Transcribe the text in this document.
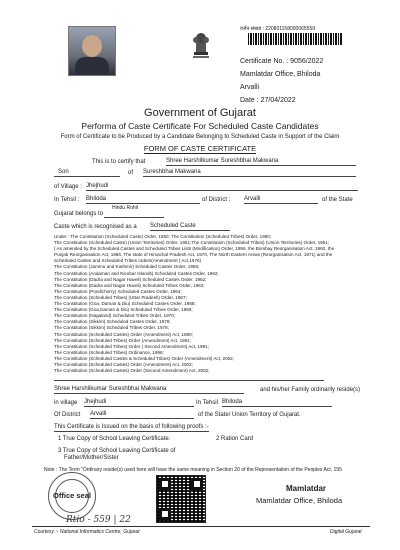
वर्जन संख्या : 220801158000065559
Certificate No. : 9056/2022
Mamlatdar Office, Bhiloda
Arvalli
Date : 27/04/2022
Government of Gujarat
Performa of Caste Certificate For Scheduled Caste Candidates
Form of Certificate to be Produced by a Candidate Belonging to Scheduled Caste in Support of the Claim
FORM OF CASTE CERTIFICATE
This is to certify that	Shree Harshilkumar Sureshbhai Makwana
Son	of Sureshbhai Makwana
of Village : Jhejhudi
In Tehsil : Bhiloda	of District : Arvalli	of the State
Hindu Rohit
Gujarat belongs to
Caste which is recognised as a Scheduled Caste
Under : The Constitution (Scheduled Caste) Order, 1950; The Constitution (Scheduled Tribes) Order, 1950;
The Constitution (Scheduled Caste) (Union Territories) Order, 1951;The Constitution (Scheduled Tribes) (Union Territories) Order, 1951;
( As amended by the Scheduled Castes and Scheduled Tribes Lists (Modification) Order, 1956, the Bombay Reorganisation Act, 1960, the
Punjab Reorganisation Act, 1966, The state of Himachal Pradesh Act, 1970, The North Eastern Areas (Reorganisation Act, 1971) and the
Scheduled Castes and Scheduled Tribes orders(Amendment ) Act,1976)
The Constitution (Jammu and Kashmir) Scheduled Castes Order, 1956;
The Constitution (Andaman and Nicobar Islands) Scheduled Castes Order, 1962;
The Constitution (Dadra and Nagar Haveli) Scheduled Castes Order, 1962;
The Constitution (Dadra and Nagar Haveli) Scheduled Tribes Order, 1962;
The Constitution (Pondicherry) Scheduled Castes Order, 1964;
The Constitution (Scheduled Tribes) (Uttar Pradesh) Order, 1967;
The Constitution (Goa, Daman & Diu) Scheduled Castes Order, 1968;
The Constitution (Goa,Daman & Diu) Scheduled Tribes Order, 1968;
The Constitution (Nagaland) Scheduled Tribes Order, 1970;
The Constitution (Sikkim) Scheduled Castes Order, 1978;
The Constitution (Sikkim) Scheduled Tribes Order, 1978;
The Constitution (Scheduled Castes) Order (Amendment) Act, 1990;
The Constitution (Scheduled Tribes) Order (Amendment) Act, 1991;
The Constitution (Scheduled Tribes) Order ( Second Amendment) Act, 1991;
The Constitution (Scheduled Tribes) Ordinance, 1996;
The Constitution (Scheduled Castes & Scheduled Tribes) Order (Amendment) Act, 2002;
The Constitution (Scheduled Castes) Order (Amendment) Act, 2002;
The Constitution (Scheduled Castes) Order (Second Amendment) Act, 2002;
Shree Harshilkumar Sureshbhai Makwana	and his/her Family ordinarily reside(s)
in village Jhejhudi	In Tehsil Bhiloda
Of District Arvalli	of the State/ Union Territory of Gujarat.
This Certificate is Issued on the basis of following proofs :-
1 True Copy of School Leaving Certificate.	2 Ration Card
3 True Copy of School Leaving Certificate of
Father/Mother/Sister
Note : The Term "Ordinary reside(s) used here will have the same meaning in Section 20 of the Representation of the Peoples Act, 195
Office seal
Mamlatdar
Mamlatdar Office, Bhiloda
Rtio - 559 | 22
Courtesy :- National Informatics Centre, Gujarat	Digital Gujarat
